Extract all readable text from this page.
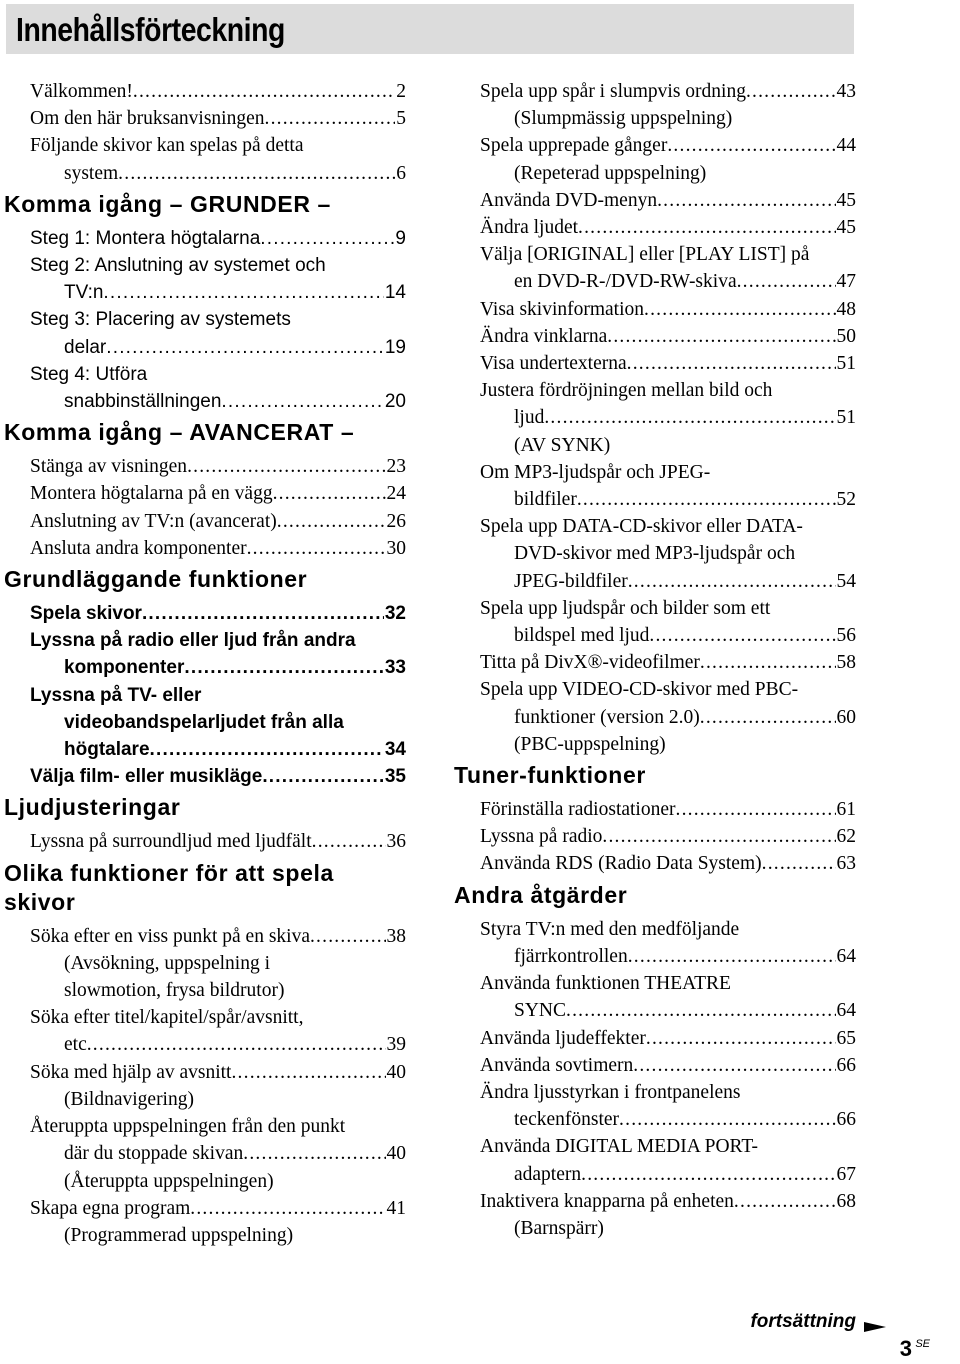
Innehållsförteckning
Välkommen! .....	2
Om den här bruksanvisningen .....	5
Följande skivor kan spelas på detta
system .....	6
Komma igång – GRUNDER –
Steg 1: Montera högtalarna .....	9
Steg 2: Anslutning av systemet och
TV:n .....	14
Steg 3: Placering av systemets
delar .....	19
Steg 4: Utföra
snabbinställningen .....	20
Komma igång – AVANCERAT –
Stänga av visningen .....	23
Montera högtalarna på en vägg .....	24
Anslutning av TV:n (avancerat) .....	26
Ansluta andra komponenter .....	30
Grundläggande funktioner
Spela skivor .....	32
Lyssna på radio eller ljud från andra
komponenter .....	33
Lyssna på TV- eller
videobandspelarljudet från alla
högtalare .....	34
Välja film- eller musikläge .....	35
Ljudjusteringar
Lyssna på surroundljud med ljudfält .....	36
Olika funktioner för att spela skivor
Söka efter en viss punkt på en skiva .....	38
(Avsökning, uppspelning i
slowmotion, frysa bildrutor)
Söka efter titel/kapitel/spår/avsnitt,
etc .....	39
Söka med hjälp av avsnitt .....	40
(Bildnavigering)
Återuppta uppspelningen från den punkt
där du stoppade skivan .....	40
(Återuppta uppspelningen)
Skapa egna program .....	41
(Programmerad uppspelning)
Spela upp spår i slumpvis ordning .....	43
(Slumpmässig uppspelning)
Spela upprepade gånger .....	44
(Repeterad uppspelning)
Använda DVD-menyn .....	45
Ändra ljudet .....	45
Välja [ORIGINAL] eller [PLAY LIST] på
en DVD-R-/DVD-RW-skiva .....	47
Visa skivinformation .....	48
Ändra vinklarna .....	50
Visa undertexterna .....	51
Justera fördröjningen mellan bild och
ljud .....	51
(AV SYNK)
Om MP3-ljudspår och JPEG-
bildfiler .....	52
Spela upp DATA-CD-skivor eller DATA-
DVD-skivor med MP3-ljudspår och
JPEG-bildfiler .....	54
Spela upp ljudspår och bilder som ett
bildspel med ljud .....	56
Titta på DivX®-videofilmer .....	58
Spela upp VIDEO-CD-skivor med PBC-
funktioner (version 2.0) .....	60
(PBC-uppspelning)
Tuner-funktioner
Förinställa radiostationer .....	61
Lyssna på radio .....	62
Använda RDS (Radio Data System) .....	63
Andra åtgärder
Styra TV:n med den medföljande
fjärrkontrollen .....	64
Använda funktionen THEATRE
SYNC .....	64
Använda ljudeffekter .....	65
Använda sovtimern .....	66
Ändra ljusstyrkan i frontpanelens
teckenfönster .....	66
Använda DIGITAL MEDIA PORT-
adaptern .....	67
Inaktivera knapparna på enheten .....	68
(Barnspärr)
fortsättning
3 SE
